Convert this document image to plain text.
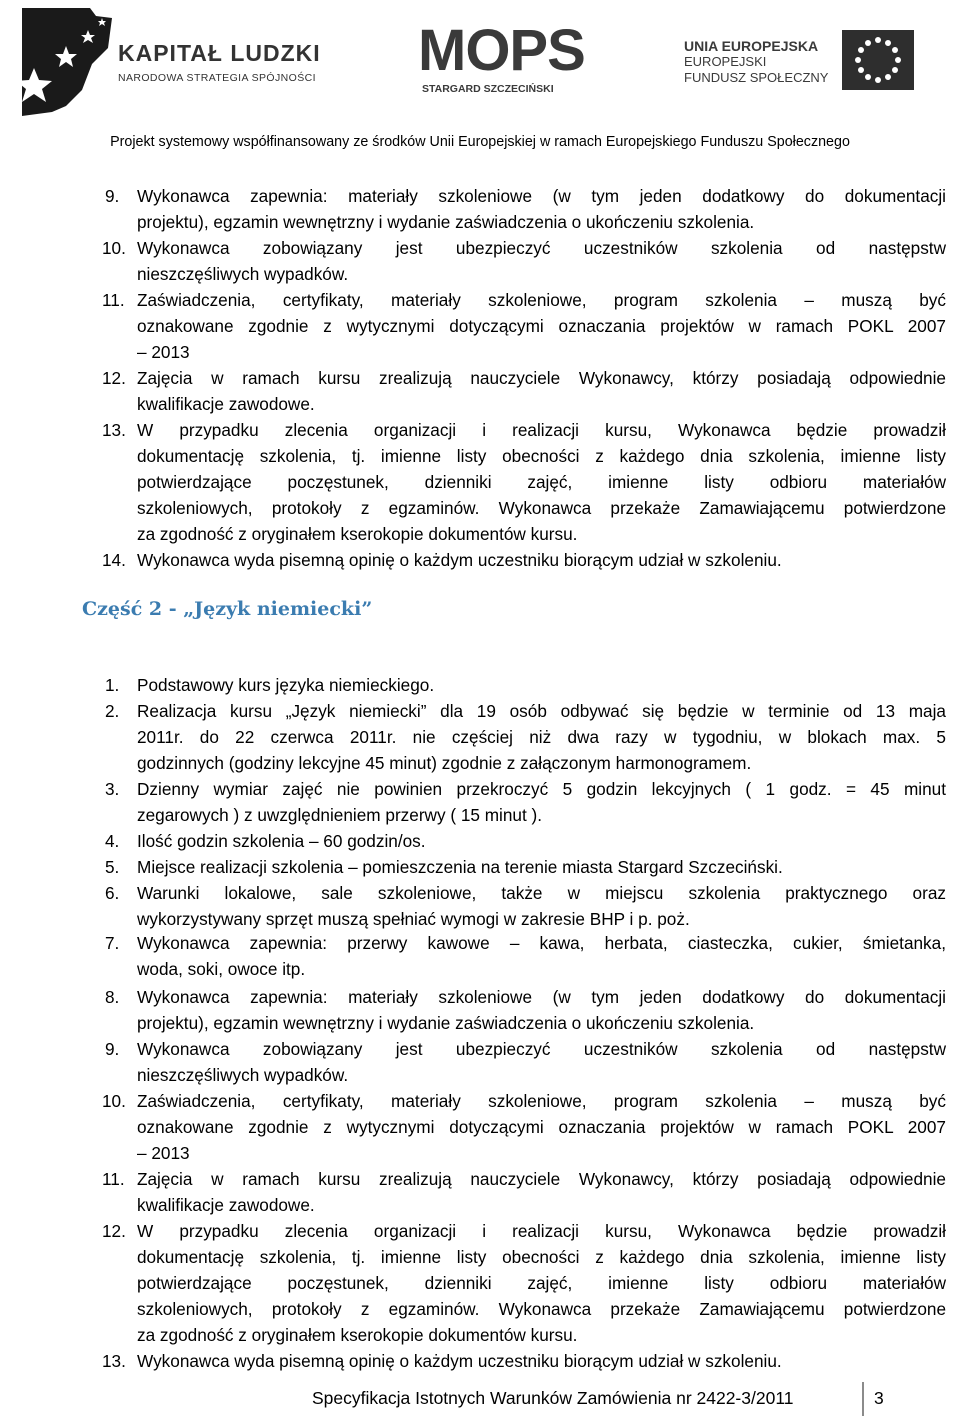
KAPITAŁ LUDZKI
NARODOWA STRATEGIA SPÓJNOŚCI MOPS
STARGARD SZCZECIŃSKI
UNIA EUROPEJSKA
EUROPEJSKI
FUNDUSZ SPOŁECZNY
Projekt systemowy współfinansowany ze środków Unii Europejskiej w ramach Europejskiego Funduszu Społecznego
9. Wykonawca zapewnia: materiały szkoleniowe (w tym jeden dodatkowy do dokumentacji
projektu), egzamin wewnętrzny i wydanie zaświadczenia o ukończeniu szkolenia.
10. Wykonawca zobowiązany jest ubezpieczyć uczestników szkolenia od następstw
nieszczęśliwych wypadków.
11. Zaświadczenia, certyfikaty, materiały szkoleniowe, program szkolenia – muszą być
oznakowane zgodnie z wytycznymi dotyczącymi oznaczania projektów w ramach POKL 2007
– 2013
12. Zajęcia w ramach kursu zrealizują nauczyciele Wykonawcy, którzy posiadają odpowiednie
kwalifikacje zawodowe.
13. W przypadku zlecenia organizacji i realizacji kursu, Wykonawca będzie prowadził
dokumentację szkolenia, tj. imienne listy obecności z każdego dnia szkolenia, imienne listy
potwierdzające poczęstunek, dzienniki zajęć, imienne listy odbioru materiałów
szkoleniowych, protokoły z egzaminów. Wykonawca przekaże Zamawiającemu potwierdzone
za zgodność z oryginałem kserokopie dokumentów kursu.
14. Wykonawca wyda pisemną opinię o każdym uczestniku biorącym udział w szkoleniu.
Część 2 - „Język niemiecki”
1. Podstawowy kurs języka niemieckiego.
2. Realizacja kursu „Język niemiecki” dla 19 osób odbywać się będzie w terminie od 13 maja
2011r. do 22 czerwca 2011r. nie częściej niż dwa razy w tygodniu, w blokach max. 5
godzinnych (godziny lekcyjne 45 minut) zgodnie z załączonym harmonogramem.
3. Dzienny wymiar zajęć nie powinien przekroczyć 5 godzin lekcyjnych ( 1 godz. = 45 minut
zegarowych ) z uwzględnieniem przerwy ( 15 minut ).
4. Ilość godzin szkolenia – 60 godzin/os.
5. Miejsce realizacji szkolenia – pomieszczenia na terenie miasta Stargard Szczeciński.
6. Warunki lokalowe, sale szkoleniowe, także w miejscu szkolenia praktycznego oraz
wykorzystywany sprzęt muszą spełniać wymogi w zakresie BHP i p. poż.
7. Wykonawca zapewnia: przerwy kawowe – kawa, herbata, ciasteczka, cukier, śmietanka,
woda, soki, owoce itp.
8. Wykonawca zapewnia: materiały szkoleniowe (w tym jeden dodatkowy do dokumentacji
projektu), egzamin wewnętrzny i wydanie zaświadczenia o ukończeniu szkolenia.
9. Wykonawca zobowiązany jest ubezpieczyć uczestników szkolenia od następstw
nieszczęśliwych wypadków.
10. Zaświadczenia, certyfikaty, materiały szkoleniowe, program szkolenia – muszą być
oznakowane zgodnie z wytycznymi dotyczącymi oznaczania projektów w ramach POKL 2007
– 2013
11. Zajęcia w ramach kursu zrealizują nauczyciele Wykonawcy, którzy posiadają odpowiednie
kwalifikacje zawodowe.
12. W przypadku zlecenia organizacji i realizacji kursu, Wykonawca będzie prowadził
dokumentację szkolenia, tj. imienne listy obecności z każdego dnia szkolenia, imienne listy
potwierdzające poczęstunek, dzienniki zajęć, imienne listy odbioru materiałów
szkoleniowych, protokoły z egzaminów. Wykonawca przekaże Zamawiającemu potwierdzone
za zgodność z oryginałem kserokopie dokumentów kursu.
13. Wykonawca wyda pisemną opinię o każdym uczestniku biorącym udział w szkoleniu.
Specyfikacja Istotnych Warunków Zamówienia nr 2422-3/2011	3
